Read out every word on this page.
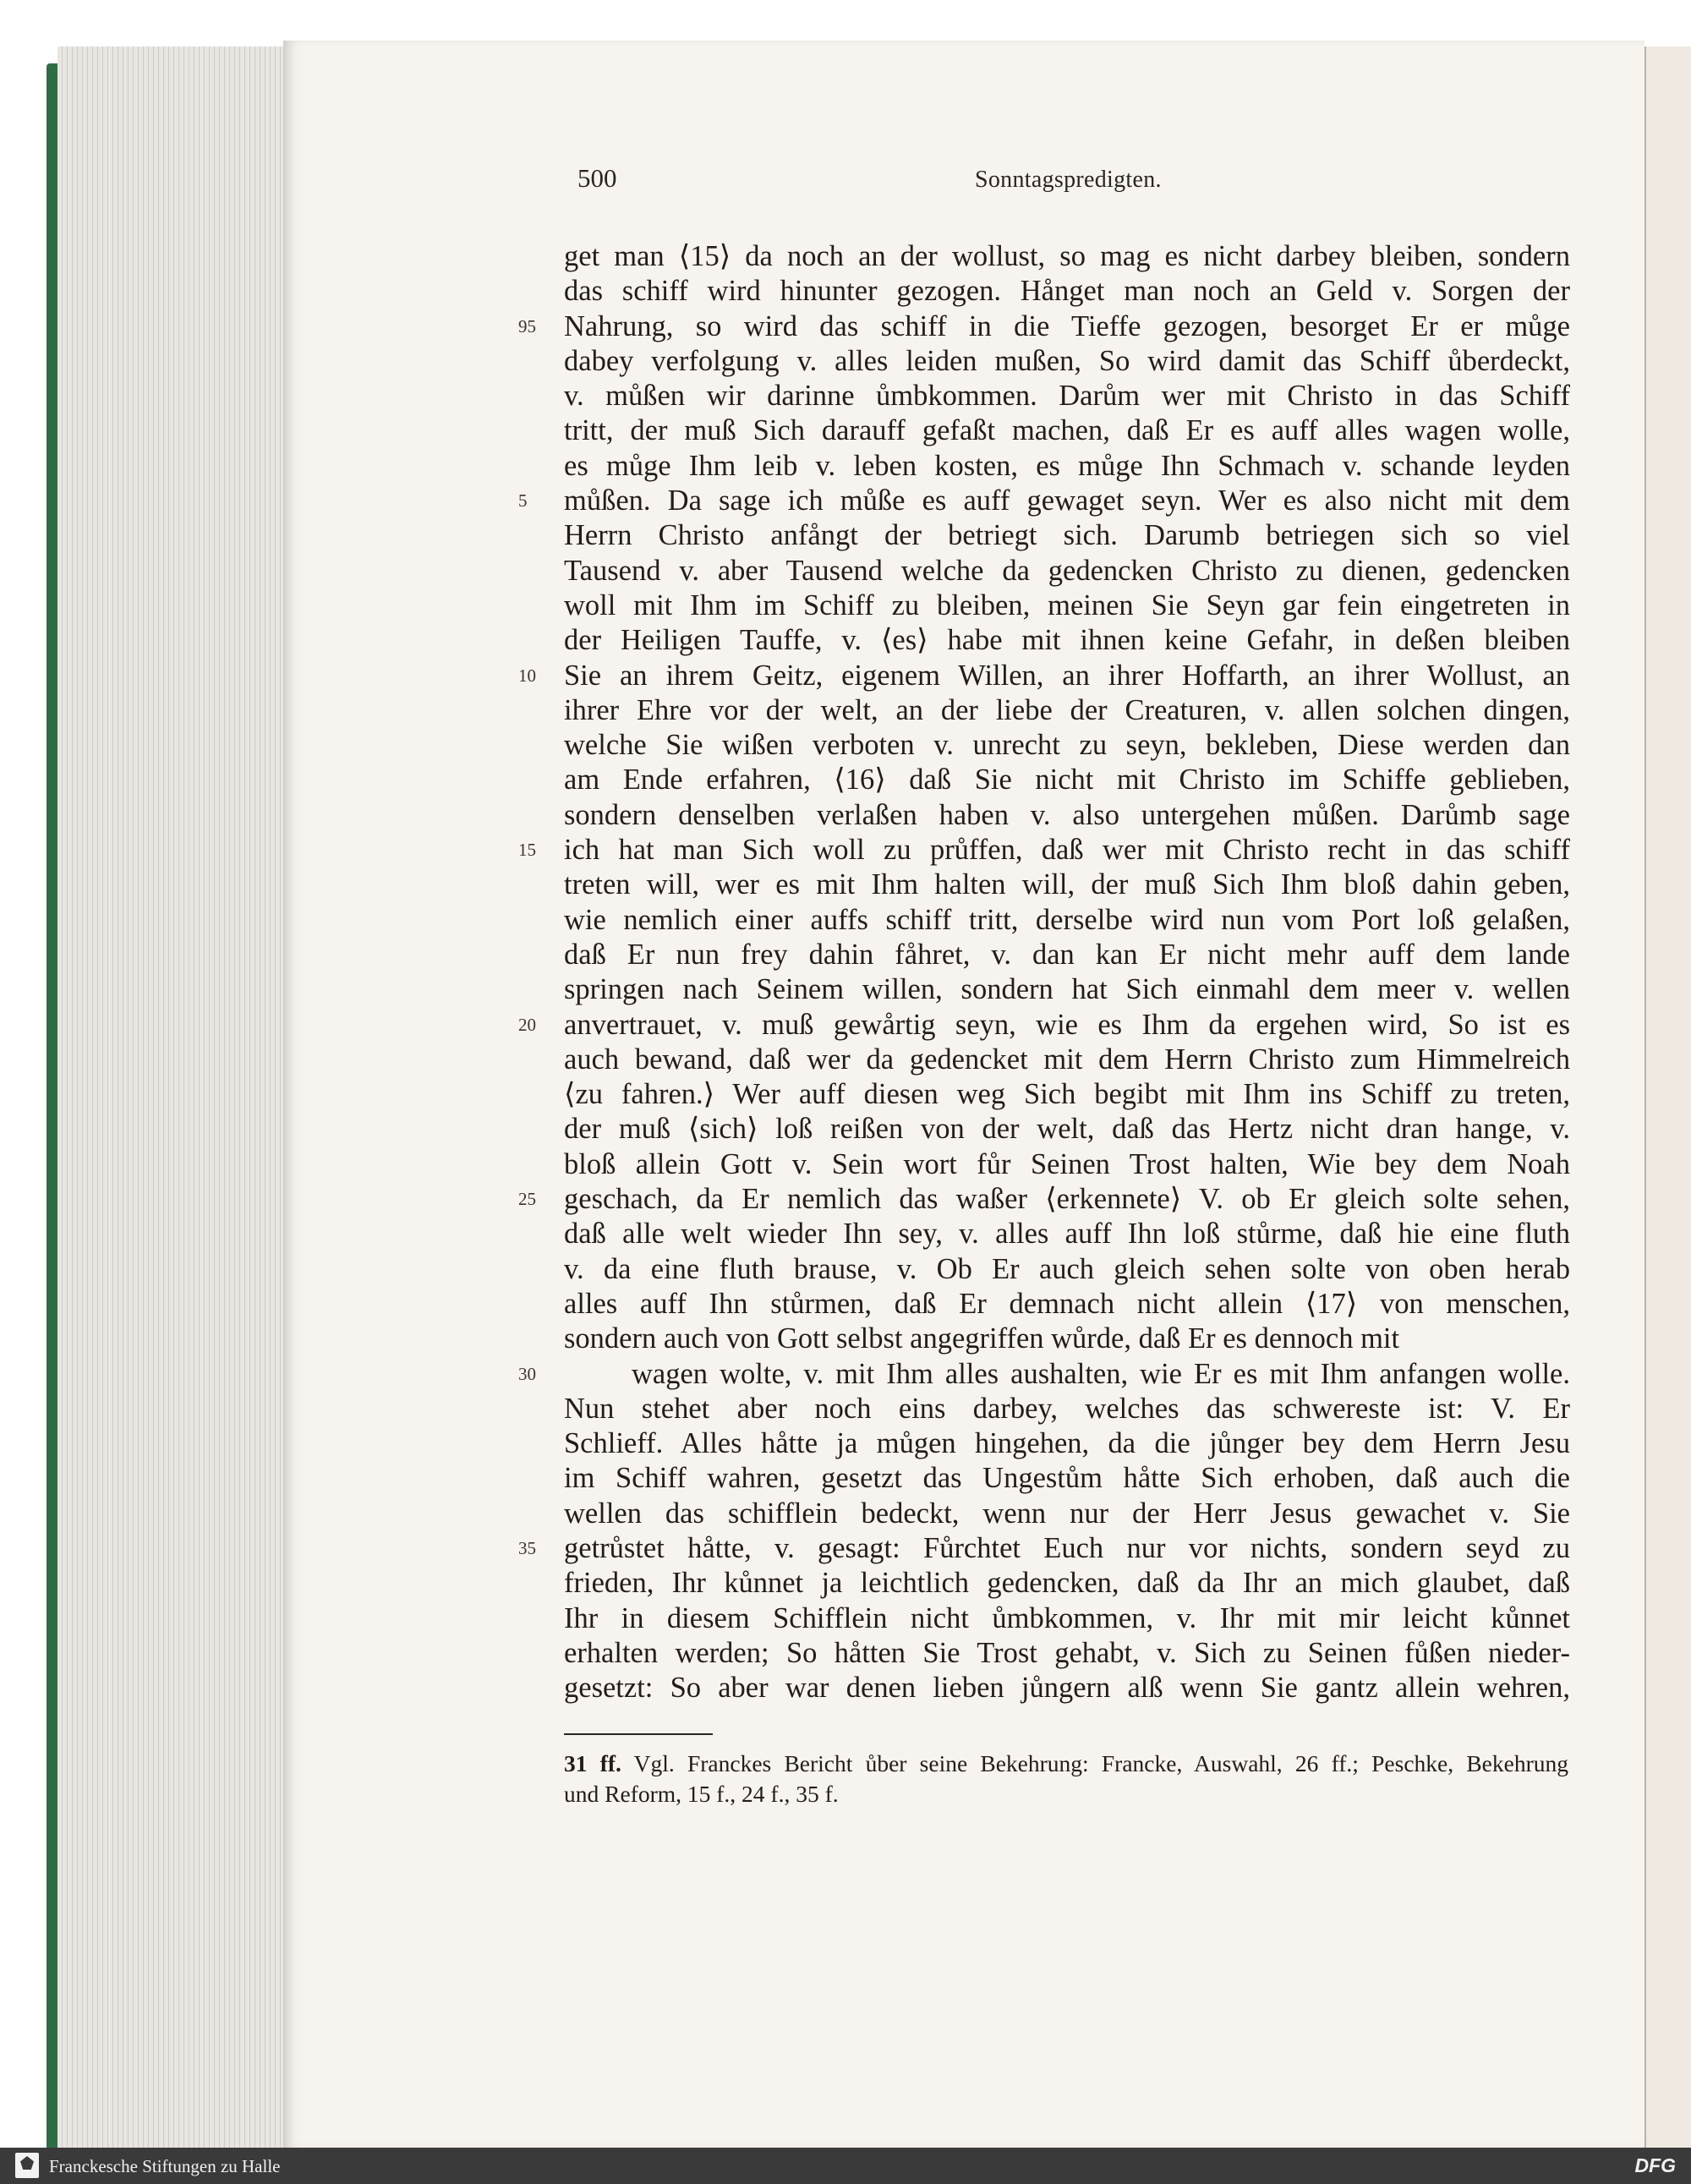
500	Sonntagspredigten.
get man ⟨15⟩ da noch an der wollust, so mag es nicht darbey bleiben, sondern
das schiff wird hinunter gezogen. Hånget man noch an Geld v. Sorgen der
95 Nahrung, so wird das schiff in die Tieffe gezogen, besorget Er er můge
dabey verfolgung v. alles leiden mußen, So wird damit das Schiff ůberdeckt,
v. můßen wir darinne ůmbkommen. Darům wer mit Christo in das Schiff
tritt, der muß Sich darauff gefaßt machen, daß Er es auff alles wagen wolle,
es můge Ihm leib v. leben kosten, es můge Ihn Schmach v. schande leyden
5	můßen. Da sage ich můße es auff gewaget seyn. Wer es also nicht mit dem
Herrn Christo anfångt der betriegt sich. Darumb betriegen sich so viel
Tausend v. aber Tausend welche da gedencken Christo zu dienen, gedencken
woll mit Ihm im Schiff zu bleiben, meinen Sie Seyn gar fein eingetreten in
der Heiligen Tauffe, v. ⟨es⟩ habe mit ihnen keine Gefahr, in deßen bleiben
10 Sie an ihrem Geitz, eigenem Willen, an ihrer Hoffarth, an ihrer Wollust, an
ihrer Ehre vor der welt, an der liebe der Creaturen, v. allen solchen dingen,
welche Sie wißen verboten v. unrecht zu seyn, bekleben, Diese werden dan
am Ende erfahren, ⟨16⟩ daß Sie nicht mit Christo im Schiffe geblieben,
sondern denselben verlaßen haben v. also untergehen můßen. Darůmb sage
15 ich hat man Sich woll zu průffen, daß wer mit Christo recht in das schiff
treten will, wer es mit Ihm halten will, der muß Sich Ihm bloß dahin geben,
wie nemlich einer auffs schiff tritt, derselbe wird nun vom Port loß gelaßen,
daß Er nun frey dahin fåhret, v. dan kan Er nicht mehr auff dem lande
springen nach Seinem willen, sondern hat Sich einmahl dem meer v. wellen
20 anvertrauet, v. muß gewårtig seyn, wie es Ihm da ergehen wird, So ist es
auch bewand, daß wer da gedencket mit dem Herrn Christo zum Himmelreich
⟨zu fahren.⟩ Wer auff diesen weg Sich begibt mit Ihm ins Schiff zu treten,
der muß ⟨sich⟩ loß reißen von der welt, daß das Hertz nicht dran hange, v.
bloß allein Gott v. Sein wort fůr Seinen Trost halten, Wie bey dem Noah
25 geschach, da Er nemlich das waßer ⟨erkennete⟩ V. ob Er gleich solte sehen,
daß alle welt wieder Ihn sey, v. alles auff Ihn loß stůrme, daß hie eine fluth
v. da eine fluth brause, v. Ob Er auch gleich sehen solte von oben herab
alles auff Ihn stůrmen, daß Er demnach nicht allein ⟨17⟩ von menschen,
sondern auch von Gott selbst angegriffen wůrde, daß Er es dennoch mit
30	wagen wolte, v. mit Ihm alles aushalten, wie Er es mit Ihm anfangen wolle.
Nun stehet aber noch eins darbey, welches das schwereste ist: V. Er
Schlieff. Alles håtte ja můgen hingehen, da die jůnger bey dem Herrn Jesu
im Schiff wahren, gesetzt das Ungestům håtte Sich erhoben, daß auch die
wellen das schifflein bedeckt, wenn nur der Herr Jesus gewachet v. Sie
35 getrůstet håtte, v. gesagt: Fůrchtet Euch nur vor nichts, sondern seyd zu
frieden, Ihr kůnnet ja leichtlich gedencken, daß da Ihr an mich glaubet, daß
Ihr in diesem Schifflein nicht ůmbkommen, v. Ihr mit mir leicht kůnnet
erhalten werden; So håtten Sie Trost gehabt, v. Sich zu Seinen fůßen nieder-
gesetzt: So aber war denen lieben jůngern alß wenn Sie gantz allein wehren,
31 ff. Vgl. Franckes Bericht ůber seine Bekehrung: Francke, Auswahl, 26 ff.; Peschke, Bekehrung
und Reform, 15 f., 24 f., 35 f.
Franckesche Stiftungen zu Halle	DFG
